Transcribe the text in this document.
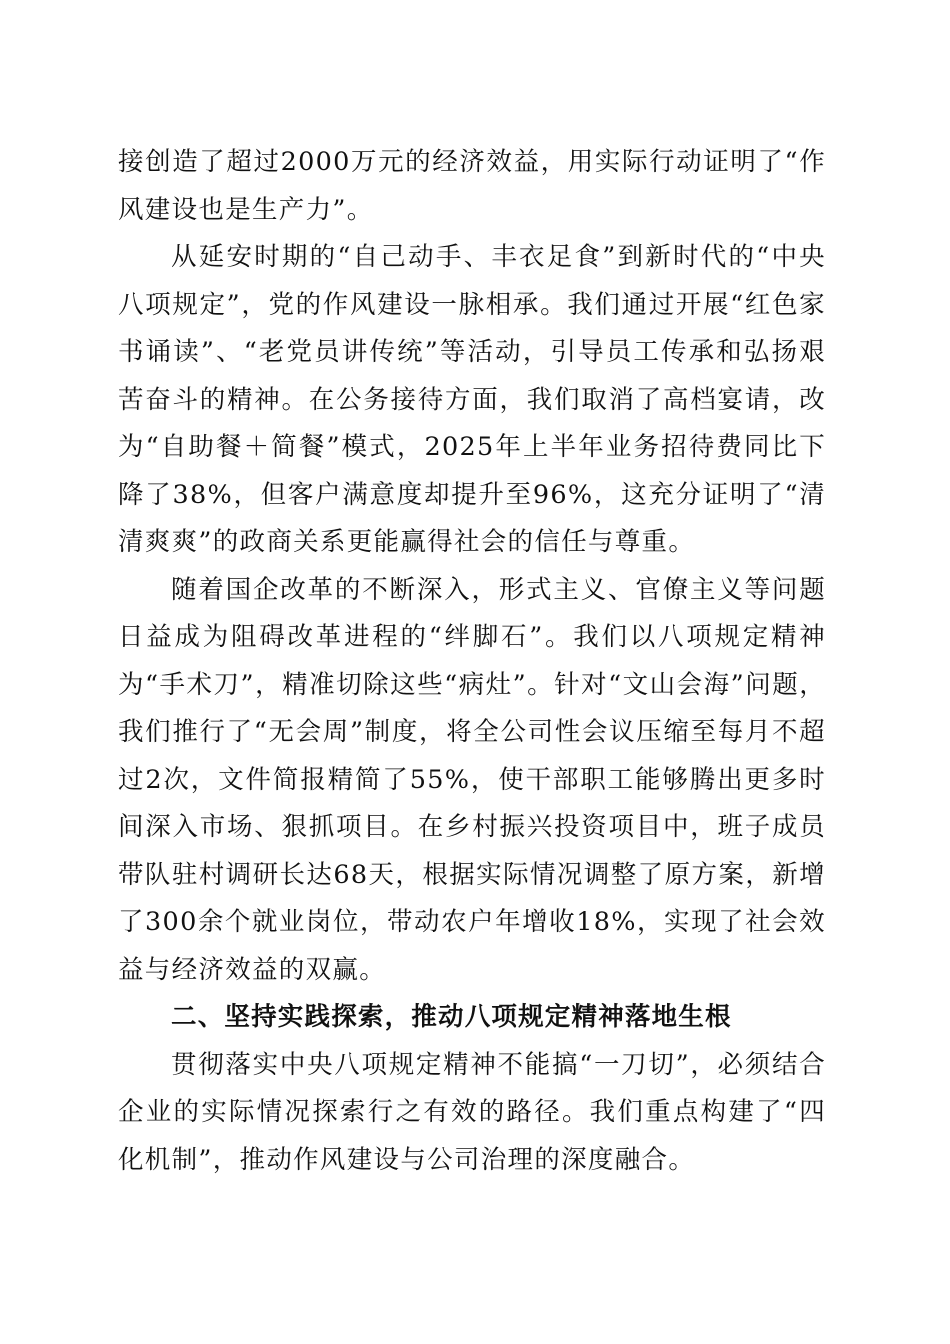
接创造了超过2000万元的经济效益，用实际行动证明了“作风建设也是生产力”。

从延安时期的“自己动手、丰衣足食”到新时代的“中央八项规定”，党的作风建设一脉相承。我们通过开展“红色家书诵读”、“老党员讲传统”等活动，引导员工传承和弘扬艰苦奋斗的精神。在公务接待方面，我们取消了高档宴请，改为“自助餐＋简餐”模式，2025年上半年业务招待费同比下降了38%，但客户满意度却提升至96%，这充分证明了“清清爽爽”的政商关系更能赢得社会的信任与尊重。

随着国企改革的不断深入，形式主义、官僚主义等问题日益成为阻碍改革进程的“绊脚石”。我们以八项规定精神为“手术刀”，精准切除这些“病灶”。针对“文山会海”问题，我们推行了“无会周”制度，将全公司性会议压缩至每月不超过2次，文件简报精简了55%，使干部职工能够腾出更多时间深入市场、狠抓项目。在乡村振兴投资项目中，班子成员带队驻村调研长达68天，根据实际情况调整了原方案，新增了300余个就业岗位，带动农户年增收18%，实现了社会效益与经济效益的双赢。

二、坚持实践探索，推动八项规定精神落地生根

贯彻落实中央八项规定精神不能搞“一刀切”，必须结合企业的实际情况探索行之有效的路径。我们重点构建了“四化机制”，推动作风建设与公司治理的深度融合。
